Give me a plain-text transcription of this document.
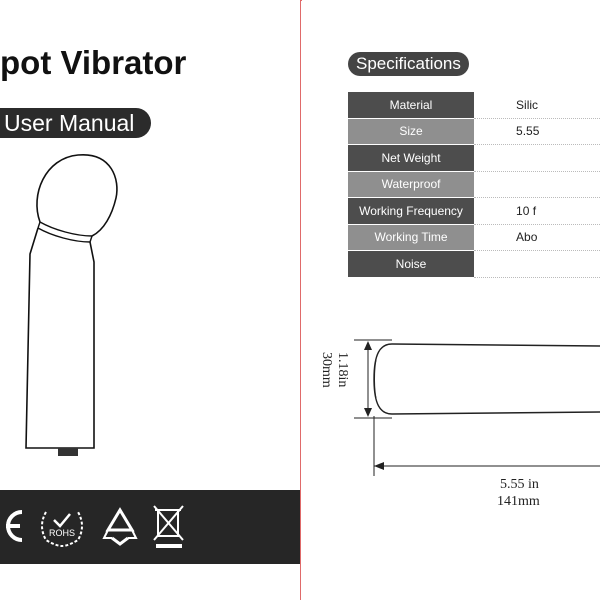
pot Vibrator
User Manual
ROHS
Specifications
Material	Silic
Size	5.55
Net Weight	
Waterproof	
Working Frequency	10 f
Working Time	Abo
Noise	
1.18in
30mm
5.55 in
141mm
